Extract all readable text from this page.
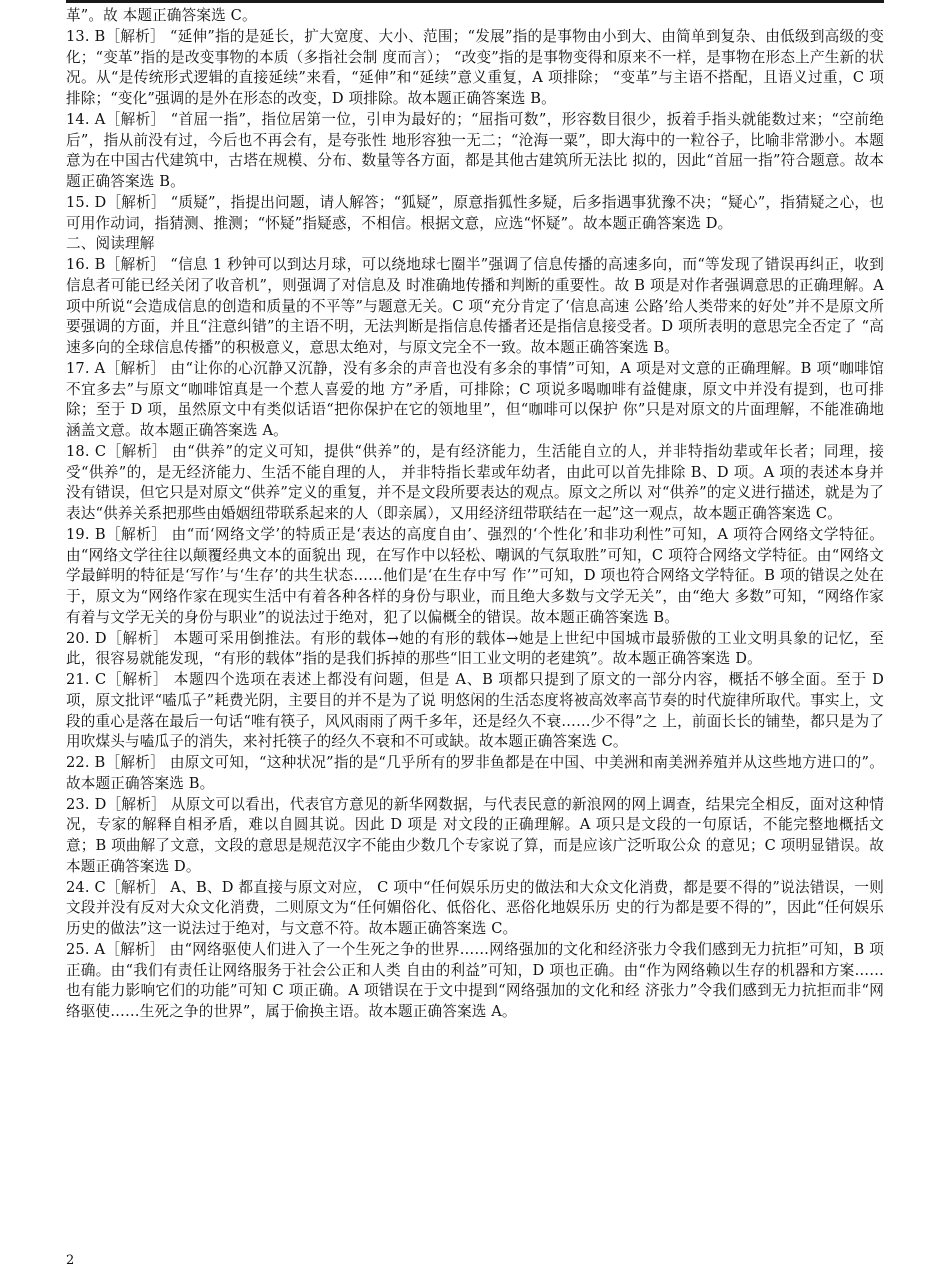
革”。故 本题正确答案选 C。

13. B［解析］ “延伸”指的是延长，扩大宽度、大小、范围；“发展”指的是事物由小到大、由简单到复杂、由低级到高级的变化；“变革”指的是改变事物的本质（多指社会制 度而言）； “改变”指的是事物变得和原来不一样，是事物在形态上产生新的状况。从“是传统形式逻辑的直接延续”来看，“延伸”和“延续”意义重复，A 项排除； “变革”与主语不搭配，且语义过重，C 项排除；“变化”强调的是外在形态的改变，D 项排除。故本题正确答案选 B。

14. A［解析］ “首屈一指”，指位居第一位，引申为最好的；“屈指可数”，形容数目很少，扳着手指头就能数过来；“空前绝后”，指从前没有过，今后也不再会有，是夸张性 地形容独一无二；“沧海一粟”，即大海中的一粒谷子，比喻非常渺小。本题意为在中国古代建筑中，古塔在规模、分布、数量等各方面，都是其他古建筑所无法比 拟的，因此“首屈一指”符合题意。故本题正确答案选 B。

15. D［解析］ “质疑”，指提出问题，请人解答；“狐疑”，原意指狐性多疑，后多指遇事犹豫不决；“疑心”，指猜疑之心，也可用作动词，指猜测、推测；“怀疑”指疑惑，不相信。根据文意，应选“怀疑”。故本题正确答案选 D。

二、阅读理解

16. B［解析］ “信息 1 秒钟可以到达月球，可以绕地球七圈半”强调了信息传播的高速多向，而“等发现了错误再纠正，收到信息者可能已经关闭了收音机”，则强调了对信息及 时准确地传播和判断的重要性。故 B 项是对作者强调意思的正确理解。A 项中所说“会造成信息的创造和质量的不平等”与题意无关。C 项“充分肯定了‘信息高速 公路’给人类带来的好处”并不是原文所要强调的方面，并且“注意纠错”的主语不明，无法判断是指信息传播者还是指信息接受者。D 项所表明的意思完全否定了 “高速多向的全球信息传播”的积极意义，意思太绝对，与原文完全不一致。故本题正确答案选 B。

17. A［解析］ 由“让你的心沉静又沉静，没有多余的声音也没有多余的事情”可知，A 项是对文意的正确理解。B 项“咖啡馆不宜多去”与原文“咖啡馆真是一个惹人喜爱的地 方”矛盾，可排除；C 项说多喝咖啡有益健康，原文中并没有提到，也可排除；至于 D 项，虽然原文中有类似话语“把你保护在它的领地里”，但“咖啡可以保护 你”只是对原文的片面理解，不能准确地涵盖文意。故本题正确答案选 A。

18. C［解析］ 由“供养”的定义可知，提供“供养”的，是有经济能力，生活能自立的人，并非特指幼辈或年长者；同理，接受“供养”的，是无经济能力、生活不能自理的人， 并非特指长辈或年幼者，由此可以首先排除 B、D 项。A 项的表述本身并没有错误，但它只是对原文“供养”定义的重复，并不是文段所要表达的观点。原文之所以 对“供养”的定义进行描述，就是为了表达“供养关系把那些由婚姻纽带联系起来的人（即亲属），又用经济纽带联结在一起”这一观点，故本题正确答案选 C。

19. B［解析］ 由“而‘网络文学’的特质正是‘表达的高度自由’、强烈的‘个性化’和非功利性”可知，A 项符合网络文学特征。由“网络文学往往以颠覆经典文本的面貌出 现，在写作中以轻松、嘲讽的气氛取胜”可知，C 项符合网络文学特征。由“网络文学最鲜明的特征是‘写作’与‘生存’的共生状态……他们是‘在生存中写 作’”可知，D 项也符合网络文学特征。B 项的错误之处在于，原文为“网络作家在现实生活中有着各种各样的身份与职业，而且绝大多数与文学无关”，由“绝大 多数”可知，“网络作家有着与文学无关的身份与职业”的说法过于绝对，犯了以偏概全的错误。故本题正确答案选 B。

20. D［解析］ 本题可采用倒推法。有形的载体→她的有形的载体→她是上世纪中国城市最骄傲的工业文明具象的记忆，至此，很容易就能发现，“有形的载体”指的是我们拆掉的那些“旧工业文明的老建筑”。故本题正确答案选 D。

21. C［解析］ 本题四个选项在表述上都没有问题，但是 A、B 项都只提到了原文的一部分内容，概括不够全面。至于 D 项，原文批评“嗑瓜子”耗费光阴，主要目的并不是为了说 明悠闲的生活态度将被高效率高节奏的时代旋律所取代。事实上，文段的重心是落在最后一句话“唯有筷子，风风雨雨了两千多年，还是经久不衰……少不得”之 上，前面长长的铺垫，都只是为了用吹煤头与嗑瓜子的消失，来衬托筷子的经久不衰和不可或缺。故本题正确答案选 C。

22. B［解析］ 由原文可知，“这种状况”指的是“几乎所有的罗非鱼都是在中国、中美洲和南美洲养殖并从这些地方进口的”。故本题正确答案选 B。

23. D［解析］ 从原文可以看出，代表官方意见的新华网数据，与代表民意的新浪网的网上调查，结果完全相反，面对这种情况，专家的解释自相矛盾，难以自圆其说。因此 D 项是 对文段的正确理解。A 项只是文段的一句原话，不能完整地概括文意；B 项曲解了文意，文段的意思是规范汉字不能由少数几个专家说了算，而是应该广泛听取公众 的意见；C 项明显错误。故本题正确答案选 D。

24. C［解析］ A、B、D 都直接与原文对应， C 项中“任何娱乐历史的做法和大众文化消费，都是要不得的”说法错误，一则文段并没有反对大众文化消费，二则原文为“任何媚俗化、低俗化、恶俗化地娱乐历 史的行为都是要不得的”，因此“任何娱乐历史的做法”这一说法过于绝对，与文意不符。故本题正确答案选 C。

25. A［解析］ 由“网络驱使人们进入了一个生死之争的世界……网络强加的文化和经济张力令我们感到无力抗拒”可知，B 项正确。由“我们有责任让网络服务于社会公正和人类 自由的利益”可知，D 项也正确。由“作为网络赖以生存的机器和方案……也有能力影响它们的功能”可知 C 项正确。A 项错误在于文中提到“网络强加的文化和经 济张力”令我们感到无力抗拒而非“网络驱使……生死之争的世界”，属于偷换主语。故本题正确答案选 A。

2
